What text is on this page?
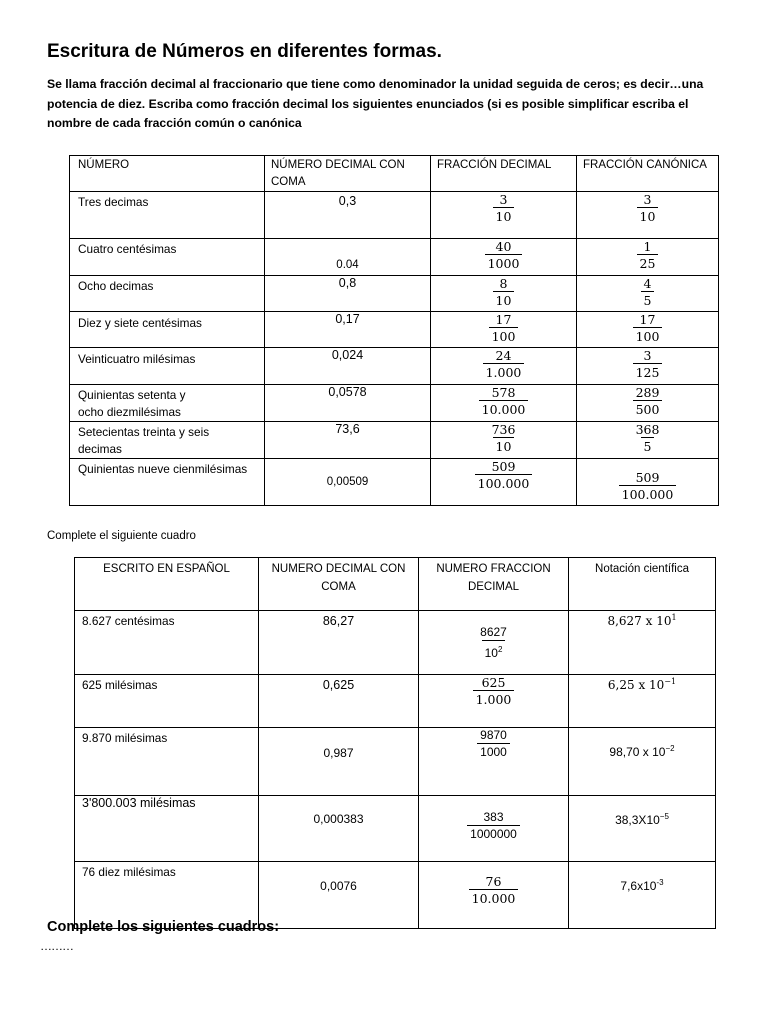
Escritura de Números en diferentes formas.

Se llama fracción decimal al fraccionario que tiene como denominador la unidad seguida de ceros; es decir…una potencia de diez. Escriba como fracción decimal los siguientes enunciados (si es posible simplificar escriba el nombre de cada fracción común o canónica

NÚMERO	NÚMERO DECIMAL CON COMA	FRACCIÓN DECIMAL	FRACCIÓN CANÓNICA
Tres decimas	0,3	$\frac{3}{10}$	$\frac{3}{10}$

Cuatro centésimas	0.04	$\frac{40}{1000}$	$\frac{1}{25}$

Ocho decimas	0,8	$\frac{8}{10}$	$\frac{4}{5}$

Diez y siete centésimas	0,17	$\frac{17}{100}$	$\frac{17}{100}$

Veinticuatro milésimas	0,024	$\frac{24}{1.000}$	$\frac{3}{125}$

Quinientas setenta y
ocho diezmilésimas	0,0578	$\frac{578}{10.000}$	$\frac{289}{500}$

Setecientas treinta y seis
decimas	73,6	$\frac{736}{10}$	$\frac{368}{5}$

Quinientas nueve cienmilésimas	0,00509	$\frac{509}{100.000}$	$\frac{509}{100.000}$

Complete el siguiente cuadro

ESCRITO EN ESPAÑOL	NUMERO DECIMAL CON COMA	NUMERO FRACCION DECIMAL	Notación científica
8.627 centésimas	86,27	$\frac{8627}{10^2}$	8,627 x $10^1$
625 milésimas	0,625	$\frac{625}{1.000}$	6,25 x $10^{-1}$
9.870 milésimas	0,987	$\frac{9870}{1000}$	98,70 x $10^{-2}$
3'800.003 milésimas	0,000383	$\frac{383}{1000000}$	$38,3X10^{-5}$
76 diez milésimas	0,0076	$\frac{76}{10.000}$	$7,6x10^{-3}$

Complete los siguientes cuadros:

………
